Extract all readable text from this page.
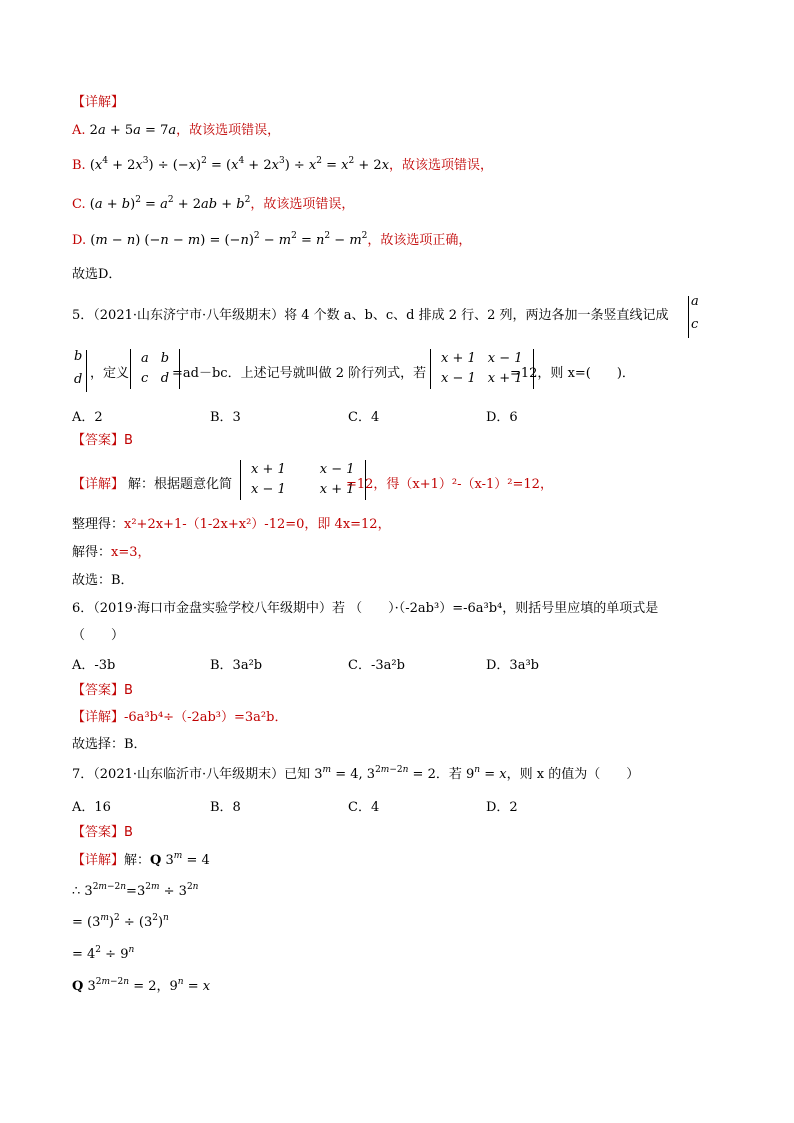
【详解】
A. 2a + 5a = 7a，故该选项错误，
B. $(x^4 + 2x^3) \div (-x)^2 = (x^4 + 2x^3) \div x^2 = x^2 + 2x$，故该选项错误，
C. $(a + b)^2 = a^2 + 2ab + b^2$，故该选项错误，
D. (m − n) $(-n - m) = (-n)^2 - m^2 = n^2 - m^2$，故该选项正确，
故选D．
5．（2021·山东济宁市·八年级期末）将 4 个数 a、b、c、d 排成 2 行、2 列，两边各加一条竖直线记成
a
c
b
d ，定义
a	b
c	d =ad－bc．上述记号就叫做 2 阶行列式，若
x + 1	x − 1
x − 1	x + 1
=12，则 x=(　　)．
A．2	B．3	C．4	D．6
【答案】B
【详解】 解：根据题意化简
x + 1	x − 1
x − 1	x + 1
=12，得（x+1）²-（x-1）²=12，
整理得：x²+2x+1-（1-2x+x²）-12=0，即 4x=12，
解得：x=3，
故选：B．
6．（2019·海口市金盘实验学校八年级期中）若 （　　）·（-2ab³）=-6a³b⁴，则括号里应填的单项式是
（　　）
A．-3b	B．3a²b	C．-3a²b	D．3a³b
【答案】B
【详解】-6a³b⁴÷（-2ab³）=3a²b．
故选择：B．
7．（2021·山东临沂市·八年级期末）已知 $3^m = 4$, $3^{2m-2n} = 2$．若 $9^n = x$，则 x 的值为（　　）
A．16	B．8	C．4	D．2
【答案】B
【详解】解：Q $3^m = 4$
∴ $3^{2m-2n}=3^{2m} \div 3^{2n}$
= $(3^m)^2 \div (3^2)^n$
= $4^2 \div 9^n$
Q $3^{2m-2n} = 2$，$9^n = x$
